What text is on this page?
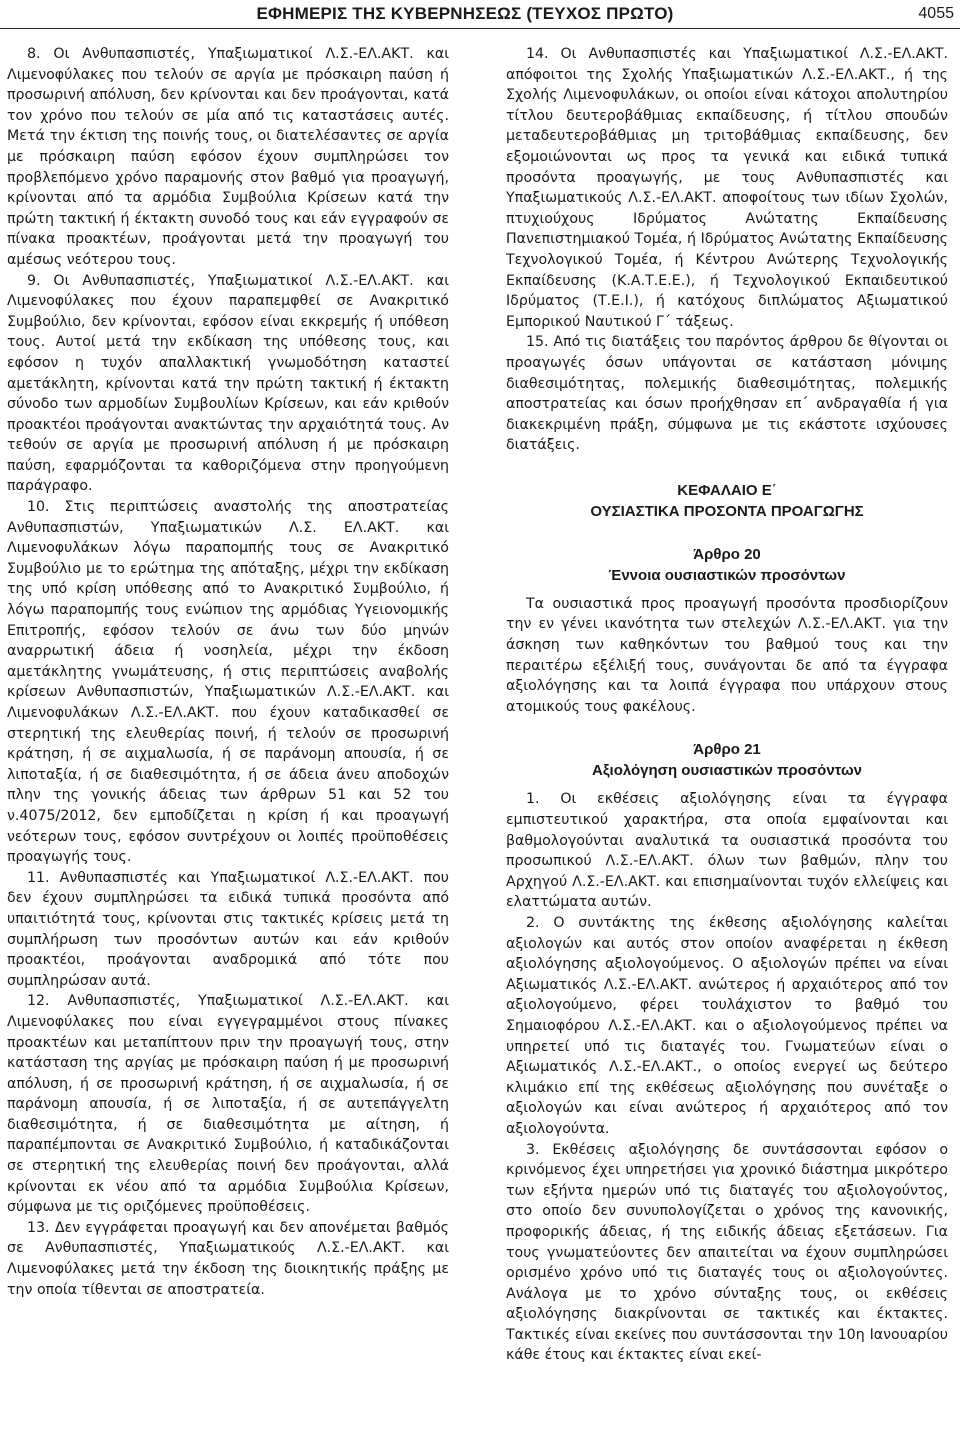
ΕΦΗΜΕΡΙΣ ΤΗΣ ΚΥΒΕΡΝΗΣΕΩΣ (ΤΕΥΧΟΣ ΠΡΩΤΟ)	4055

8. Οι Ανθυπασπιστές, Υπαξιωματικοί Λ.Σ.-ΕΛ.ΑΚΤ. και Λιμενοφύλακες που τελούν σε αργία με πρόσκαιρη παύση ή προσωρινή απόλυση, δεν κρίνονται και δεν προάγονται, κατά τον χρόνο που τελούν σε μία από τις καταστάσεις αυτές. Μετά την έκτιση της ποινής τους, οι διατελέσαντες σε αργία με πρόσκαιρη παύση εφόσον έχουν συμπληρώσει τον προβλεπόμενο χρόνο παραμονής στον βαθμό για προαγωγή, κρίνονται από τα αρμόδια Συμβούλια Κρίσεων κατά την πρώτη τακτική ή έκτακτη συνοδό τους και εάν εγγραφούν σε πίνακα προακτέων, προάγονται μετά την προαγωγή του αμέσως νεότερου τους.

9. Οι Ανθυπασπιστές, Υπαξιωματικοί Λ.Σ.-ΕΛ.ΑΚΤ. και Λιμενοφύλακες που έχουν παραπεμφθεί σε Ανακριτικό Συμβούλιο, δεν κρίνονται, εφόσον είναι εκκρεμής ή υπόθεση τους. Αυτοί μετά την εκδίκαση της υπόθεσης τους, και εφόσον η τυχόν απαλλακτική γνωμοδότηση καταστεί αμετάκλητη, κρίνονται κατά την πρώτη τακτική ή έκτακτη σύνοδο των αρμοδίων Συμβουλίων Κρίσεων, και εάν κριθούν προακτέοι προάγονται ανακτώντας την αρχαιότητά τους. Αν τεθούν σε αργία με προσωρινή απόλυση ή με πρόσκαιρη παύση, εφαρμόζονται τα καθοριζόμενα στην προηγούμενη παράγραφο.

10. Στις περιπτώσεις αναστολής της αποστρατείας Ανθυπασπιστών, Υπαξιωματικών Λ.Σ. ΕΛ.ΑΚΤ. και Λιμενοφυλάκων λόγω παραπομπής τους σε Ανακριτικό Συμβούλιο με το ερώτημα της απόταξης, μέχρι την εκδίκαση της υπό κρίση υπόθεσης από το Ανακριτικό Συμβούλιο, ή λόγω παραπομπής τους ενώπιον της αρμόδιας Υγειονομικής Επιτροπής, εφόσον τελούν σε άνω των δύο μηνών αναρρωτική άδεια ή νοσηλεία, μέχρι την έκδοση αμετάκλητης γνωμάτευσης, ή στις περιπτώσεις αναβολής κρίσεων Ανθυπασπιστών, Υπαξιωματικών Λ.Σ.-ΕΛ.ΑΚΤ. και Λιμενοφυλάκων Λ.Σ.-ΕΛ.ΑΚΤ. που έχουν καταδικασθεί σε στερητική της ελευθερίας ποινή, ή τελούν σε προσωρινή κράτηση, ή σε αιχμαλωσία, ή σε παράνομη απουσία, ή σε λιποταξία, ή σε διαθεσιμότητα, ή σε άδεια άνευ αποδοχών πλην της γονικής άδειας των άρθρων 51 και 52 του ν.4075/2012, δεν εμποδίζεται η κρίση ή και προαγωγή νεότερων τους, εφόσον συντρέχουν οι λοιπές προϋποθέσεις προαγωγής τους.

11. Ανθυπασπιστές και Υπαξιωματικοί Λ.Σ.-ΕΛ.ΑΚΤ. που δεν έχουν συμπληρώσει τα ειδικά τυπικά προσόντα από υπαιτιότητά τους, κρίνονται στις τακτικές κρίσεις μετά τη συμπλήρωση των προσόντων αυτών και εάν κριθούν προακτέοι, προάγονται αναδρομικά από τότε που συμπληρώσαν αυτά.

12. Ανθυπασπιστές, Υπαξιωματικοί Λ.Σ.-ΕΛ.ΑΚΤ. και Λιμενοφύλακες που είναι εγγεγραμμένοι στους πίνακες προακτέων και μεταπίπτουν πριν την προαγωγή τους, στην κατάσταση της αργίας με πρόσκαιρη παύση ή με προσωρινή απόλυση, ή σε προσωρινή κράτηση, ή σε αιχμαλωσία, ή σε παράνομη απουσία, ή σε λιποταξία, ή σε αυτεπάγγελτη διαθεσιμότητα, ή σε διαθεσιμότητα με αίτηση, ή παραπέμπονται σε Ανακριτικό Συμβούλιο, ή καταδικάζονται σε στερητική της ελευθερίας ποινή δεν προάγονται, αλλά κρίνονται εκ νέου από τα αρμόδια Συμβούλια Κρίσεων, σύμφωνα με τις οριζόμενες προϋποθέσεις.

13. Δεν εγγράφεται προαγωγή και δεν απονέμεται βαθμός σε Ανθυπασπιστές, Υπαξιωματικούς Λ.Σ.-ΕΛ.ΑΚΤ. και Λιμενοφύλακες μετά την έκδοση της διοικητικής πράξης με την οποία τίθενται σε αποστρατεία.

14. Οι Ανθυπασπιστές και Υπαξιωματικοί Λ.Σ.-ΕΛ.ΑΚΤ. απόφοιτοι της Σχολής Υπαξιωματικών Λ.Σ.-ΕΛ.ΑΚΤ., ή της Σχολής Λιμενοφυλάκων, οι οποίοι είναι κάτοχοι απολυτηρίου τίτλου δευτεροβάθμιας εκπαίδευσης, ή τίτλου σπουδών μεταδευτεροβάθμιας μη τριτοβάθμιας εκπαίδευσης, δεν εξομοιώνονται ως προς τα γενικά και ειδικά τυπικά προσόντα προαγωγής, με τους Ανθυπασπιστές και Υπαξιωματικούς Λ.Σ.-ΕΛ.ΑΚΤ. αποφοίτους των ιδίων Σχολών, πτυχιούχους Ιδρύματος Ανώτατης Εκπαίδευσης Πανεπιστημιακού Τομέα, ή Ιδρύματος Ανώτατης Εκπαίδευσης Τεχνολογικού Τομέα, ή Κέντρου Ανώτερης Τεχνολογικής Εκπαίδευσης (Κ.Α.Τ.Ε.Ε.), ή Τεχνολογικού Εκπαιδευτικού Ιδρύματος (Τ.Ε.Ι.), ή κατόχους διπλώματος Αξιωματικού Εμπορικού Ναυτικού Γ΄ τάξεως.

15. Από τις διατάξεις του παρόντος άρθρου δε θίγονται οι προαγωγές όσων υπάγονται σε κατάσταση μόνιμης διαθεσιμότητας, πολεμικής διαθεσιμότητας, πολεμικής αποστρατείας και όσων προήχθησαν επ΄ ανδραγαθία ή για διακεκριμένη πράξη, σύμφωνα με τις εκάστοτε ισχύουσες διατάξεις.

ΚΕΦΑΛΑΙΟ Ε΄
ΟΥΣΙΑΣΤΙΚΑ ΠΡΟΣΟΝΤΑ ΠΡΟΑΓΩΓΗΣ
Άρθρο 20
Έννοια ουσιαστικών προσόντων

Τα ουσιαστικά προς προαγωγή προσόντα προσδιορίζουν την εν γένει ικανότητα των στελεχών Λ.Σ.-ΕΛ.ΑΚΤ. για την άσκηση των καθηκόντων του βαθμού τους και την περαιτέρω εξέλιξή τους, συνάγονται δε από τα έγγραφα αξιολόγησης και τα λοιπά έγγραφα που υπάρχουν στους ατομικούς τους φακέλους.

Άρθρο 21
Αξιολόγηση ουσιαστικών προσόντων

1. Οι εκθέσεις αξιολόγησης είναι τα έγγραφα εμπιστευτικού χαρακτήρα, στα οποία εμφαίνονται και βαθμολογούνται αναλυτικά τα ουσιαστικά προσόντα του προσωπικού Λ.Σ.-ΕΛ.ΑΚΤ. όλων των βαθμών, πλην του Αρχηγού Λ.Σ.-ΕΛ.ΑΚΤ. και επισημαίνονται τυχόν ελλείψεις και ελαττώματα αυτών.

2. Ο συντάκτης της έκθεσης αξιολόγησης καλείται αξιολογών και αυτός στον οποίον αναφέρεται η έκθεση αξιολόγησης αξιολογούμενος. Ο αξιολογών πρέπει να είναι Αξιωματικός Λ.Σ.-ΕΛ.ΑΚΤ. ανώτερος ή αρχαιότερος από τον αξιολογούμενο, φέρει τουλάχιστον το βαθμό του Σημαιοφόρου Λ.Σ.-ΕΛ.ΑΚΤ. και ο αξιολογούμενος πρέπει να υπηρετεί υπό τις διαταγές του. Γνωματεύων είναι ο Αξιωματικός Λ.Σ.-ΕΛ.ΑΚΤ., ο οποίος ενεργεί ως δεύτερο κλιμάκιο επί της εκθέσεως αξιολόγησης που συνέταξε ο αξιολογών και είναι ανώτερος ή αρχαιότερος από τον αξιολογούντα.

3. Εκθέσεις αξιολόγησης δε συντάσσονται εφόσον ο κρινόμενος έχει υπηρετήσει για χρονικό διάστημα μικρότερο των εξήντα ημερών υπό τις διαταγές του αξιολογούντος, στο οποίο δεν συνυπολογίζεται ο χρόνος της κανονικής, προφορικής άδειας, ή της ειδικής άδειας εξετάσεων. Για τους γνωματεύοντες δεν απαιτείται να έχουν συμπληρώσει ορισμένο χρόνο υπό τις διαταγές τους οι αξιολογούντες. Ανάλογα με το χρόνο σύνταξης τους, οι εκθέσεις αξιολόγησης διακρίνονται σε τακτικές και έκτακτες. Τακτικές είναι εκείνες που συντάσσονται την 10η Ιανουαρίου κάθε έτους και έκτακτες είναι εκεί-
